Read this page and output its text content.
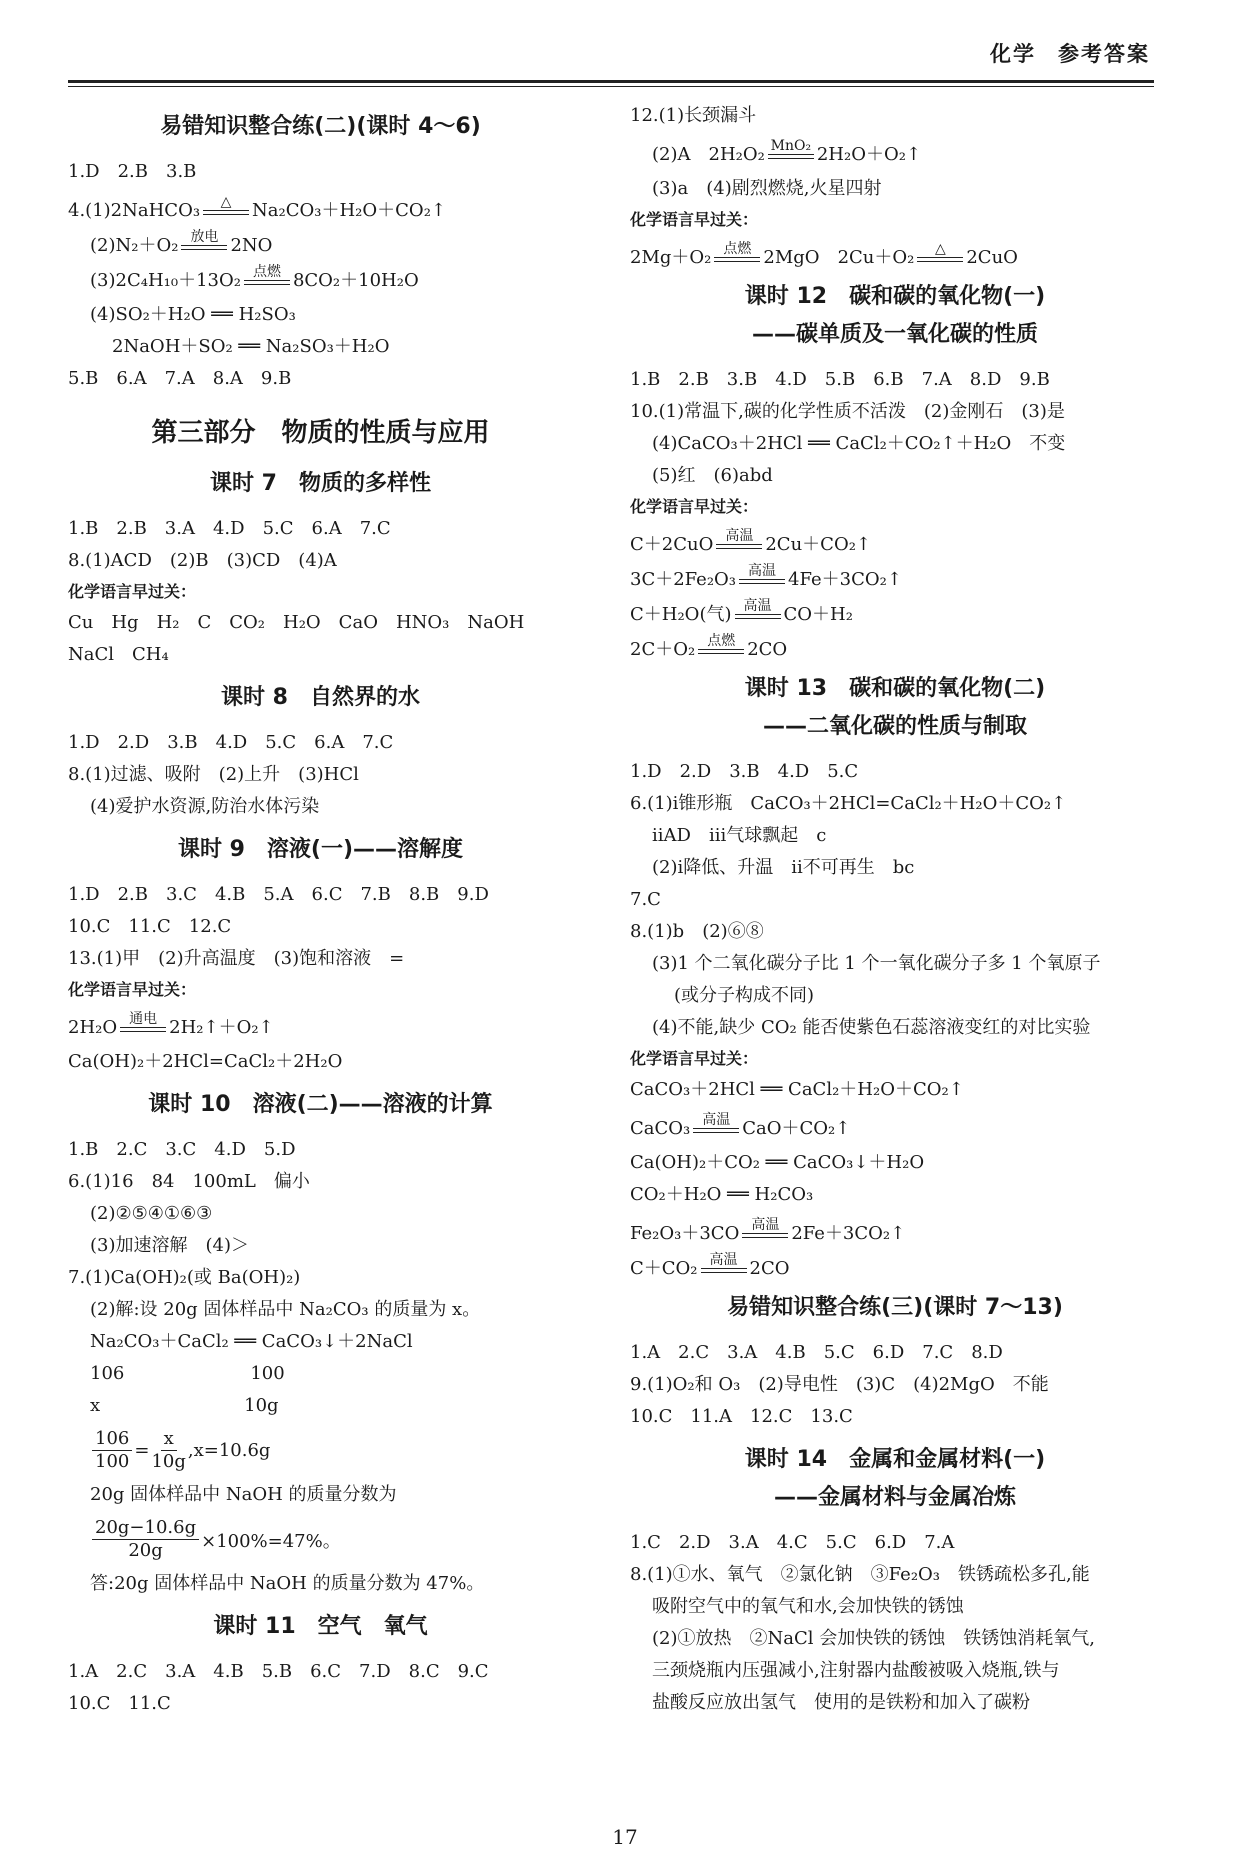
化学 参考答案
易错知识整合练(二)(课时 4～6)
1.D　2.B　3.B
4.(1)2NaHCO₃ △ Na₂CO₃＋H₂O＋CO₂↑
(2)N₂＋O₂ 放电 2NO
(3)2C₄H₁₀＋13O₂ 点燃 8CO₂＋10H₂O
(4)SO₂＋H₂O ══ H₂SO₃
2NaOH＋SO₂ ══ Na₂SO₃＋H₂O
5.B　6.A　7.A　8.A　9.B
第三部分　物质的性质与应用
课时 7　物质的多样性
1.B　2.B　3.A　4.D　5.C　6.A　7.C
8.(1)ACD　(2)B　(3)CD　(4)A
化学语言早过关：
Cu　Hg　H₂　C　CO₂　H₂O　CaO　HNO₃　NaOH
NaCl　CH₄
课时 8　自然界的水
1.D　2.D　3.B　4.D　5.C　6.A　7.C
8.(1)过滤、吸附　(2)上升　(3)HCl
(4)爱护水资源,防治水体污染
课时 9　溶液(一)——溶解度
1.D　2.B　3.C　4.B　5.A　6.C　7.B　8.B　9.D
10.C　11.C　12.C
13.(1)甲　(2)升高温度　(3)饱和溶液　=
化学语言早过关：
2H₂O 通电 2H₂↑＋O₂↑
Ca(OH)₂＋2HCl=CaCl₂＋2H₂O
课时 10　溶液(二)——溶液的计算
1.B　2.C　3.C　4.D　5.D
6.(1)16　84　100mL　偏小
(2)②⑤④①⑥③
(3)加速溶解　(4)＞
7.(1)Ca(OH)₂(或 Ba(OH)₂)
(2)解:设 20g 固体样品中 Na₂CO₃ 的质量为 x。
Na₂CO₃＋CaCl₂ ══ CaCO₃↓＋2NaCl
106　　　　　　　100
x　　　　　　　　10g
$\frac{106}{100} = \frac{x}{10g} ,x=10.6g$
20g 固体样品中 NaOH 的质量分数为
$\frac{20g-10.6g}{20g} \times 100\%=47\%$。
答:20g 固体样品中 NaOH 的质量分数为 47%。
课时 11　空气　氧气
1.A　2.C　3.A　4.B　5.B　6.C　7.D　8.C　9.C
10.C　11.C
12.(1)长颈漏斗
(2)A　2H₂O₂ MnO₂ 2H₂O＋O₂↑
(3)a　(4)剧烈燃烧,火星四射
化学语言早过关：
2Mg＋O₂ 点燃 2MgO　 2Cu＋O₂ △ 2CuO
课时 12　碳和碳的氧化物(一)
——碳单质及一氧化碳的性质
1.B　2.B　3.B　4.D　5.B　6.B　7.A　8.D　9.B
10.(1)常温下,碳的化学性质不活泼　(2)金刚石　(3)是
(4)CaCO₃＋2HCl ══ CaCl₂＋CO₂↑＋H₂O　不变
(5)红　(6)abd
化学语言早过关：
C＋2CuO 高温 2Cu＋CO₂↑
3C＋2Fe₂O₃ 高温 4Fe＋3CO₂↑
C＋H₂O(气) 高温 CO＋H₂
2C＋O₂ 点燃 2CO
课时 13　碳和碳的氧化物(二)
——二氧化碳的性质与制取
1.D　2.D　3.B　4.D　5.C
6.(1)ⅰ锥形瓶　CaCO₃＋2HCl=CaCl₂＋H₂O＋CO₂↑
ⅱAD　ⅲ气球飘起　c
(2)ⅰ降低、升温　ⅱ不可再生　bc
7.C
8.(1)b　(2)⑥⑧
(3)1 个二氧化碳分子比 1 个一氧化碳分子多 1 个氧原子
(或分子构成不同)
(4)不能,缺少 CO₂ 能否使紫色石蕊溶液变红的对比实验
化学语言早过关：
CaCO₃＋2HCl ══ CaCl₂＋H₂O＋CO₂↑
CaCO₃ 高温 CaO＋CO₂↑
Ca(OH)₂＋CO₂ ══ CaCO₃↓＋H₂O
CO₂＋H₂O ══ H₂CO₃
Fe₂O₃＋3CO 高温 2Fe＋3CO₂↑
C＋CO₂ 高温 2CO
易错知识整合练(三)(课时 7～13)
1.A　2.C　3.A　4.B　5.C　6.D　7.C　8.D
9.(1)O₂和 O₃　(2)导电性　(3)C　(4)2MgO　不能
10.C　11.A　12.C　13.C
课时 14　金属和金属材料(一)
——金属材料与金属冶炼
1.C　2.D　3.A　4.C　5.C　6.D　7.A
8.(1)①水、氧气　②氯化钠　③Fe₂O₃　铁锈疏松多孔,能
吸附空气中的氧气和水,会加快铁的锈蚀
(2)①放热　②NaCl 会加快铁的锈蚀　铁锈蚀消耗氧气,
三颈烧瓶内压强减小,注射器内盐酸被吸入烧瓶,铁与
盐酸反应放出氢气　使用的是铁粉和加入了碳粉
17
